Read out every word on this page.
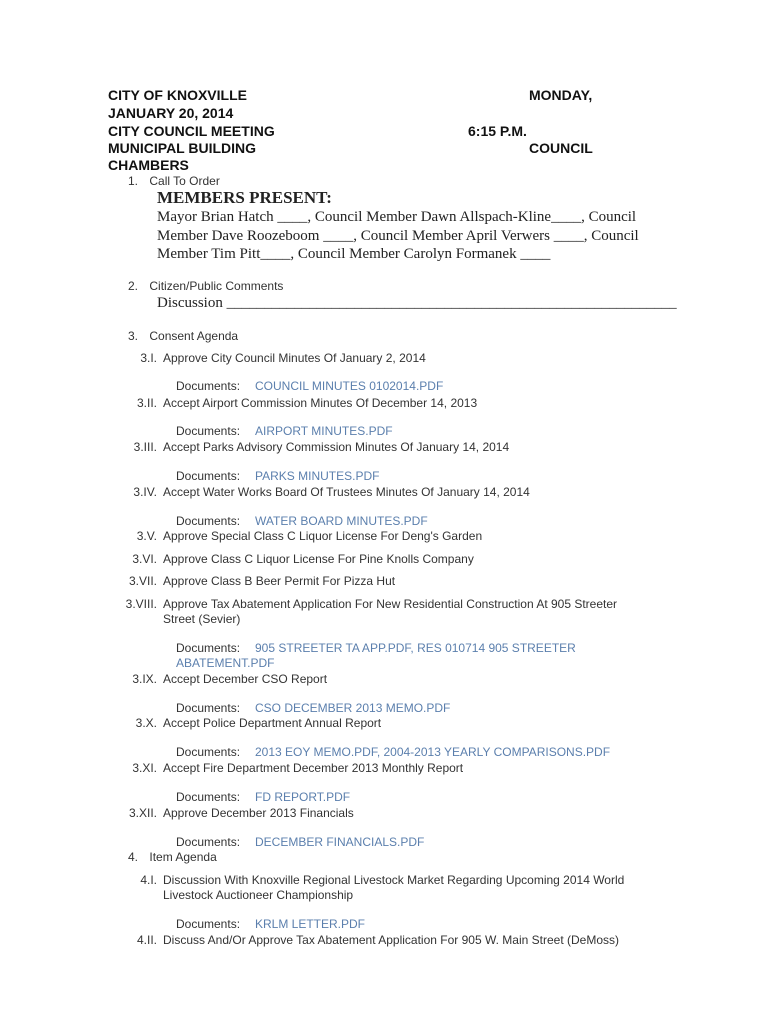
CITY OF KNOXVILLE	MONDAY,
JANUARY 20, 2014
CITY COUNCIL MEETING	6:15 P.M.
MUNICIPAL BUILDING	COUNCIL
CHAMBERS
1. Call To Order
MEMBERS PRESENT:
Mayor Brian Hatch ____, Council Member Dawn Allspach-Kline____, Council
Member Dave Roozeboom ____, Council Member April Verwers ____, Council
Member Tim Pitt____, Council Member Carolyn Formanek ____
2. Citizen/Public Comments
Discussion ____________________________________________________________
3. Consent Agenda
3.I. Approve City Council Minutes Of January 2, 2014
Documents: COUNCIL MINUTES 0102014.PDF
3.II. Accept Airport Commission Minutes Of December 14, 2013
Documents: AIRPORT MINUTES.PDF
3.III. Accept Parks Advisory Commission Minutes Of January 14, 2014
Documents: PARKS MINUTES.PDF
3.IV. Accept Water Works Board Of Trustees Minutes Of January 14, 2014
Documents: WATER BOARD MINUTES.PDF
3.V. Approve Special Class C Liquor License For Deng's Garden
3.VI. Approve Class C Liquor License For Pine Knolls Company
3.VII. Approve Class B Beer Permit For Pizza Hut
3.VIII. Approve Tax Abatement Application For New Residential Construction At 905 Streeter
Street (Sevier)
Documents: 905 STREETER TA APP.PDF, RES 010714 905 STREETER
ABATEMENT.PDF
3.IX. Accept December CSO Report
Documents: CSO DECEMBER 2013 MEMO.PDF
3.X. Accept Police Department Annual Report
Documents: 2013 EOY MEMO.PDF, 2004-2013 YEARLY COMPARISONS.PDF
3.XI. Accept Fire Department December 2013 Monthly Report
Documents: FD REPORT.PDF
3.XII. Approve December 2013 Financials
Documents: DECEMBER FINANCIALS.PDF
4. Item Agenda
4.I. Discussion With Knoxville Regional Livestock Market Regarding Upcoming 2014 World
Livestock Auctioneer Championship
Documents: KRLM LETTER.PDF
4.II. Discuss And/Or Approve Tax Abatement Application For 905 W. Main Street (DeMoss)
